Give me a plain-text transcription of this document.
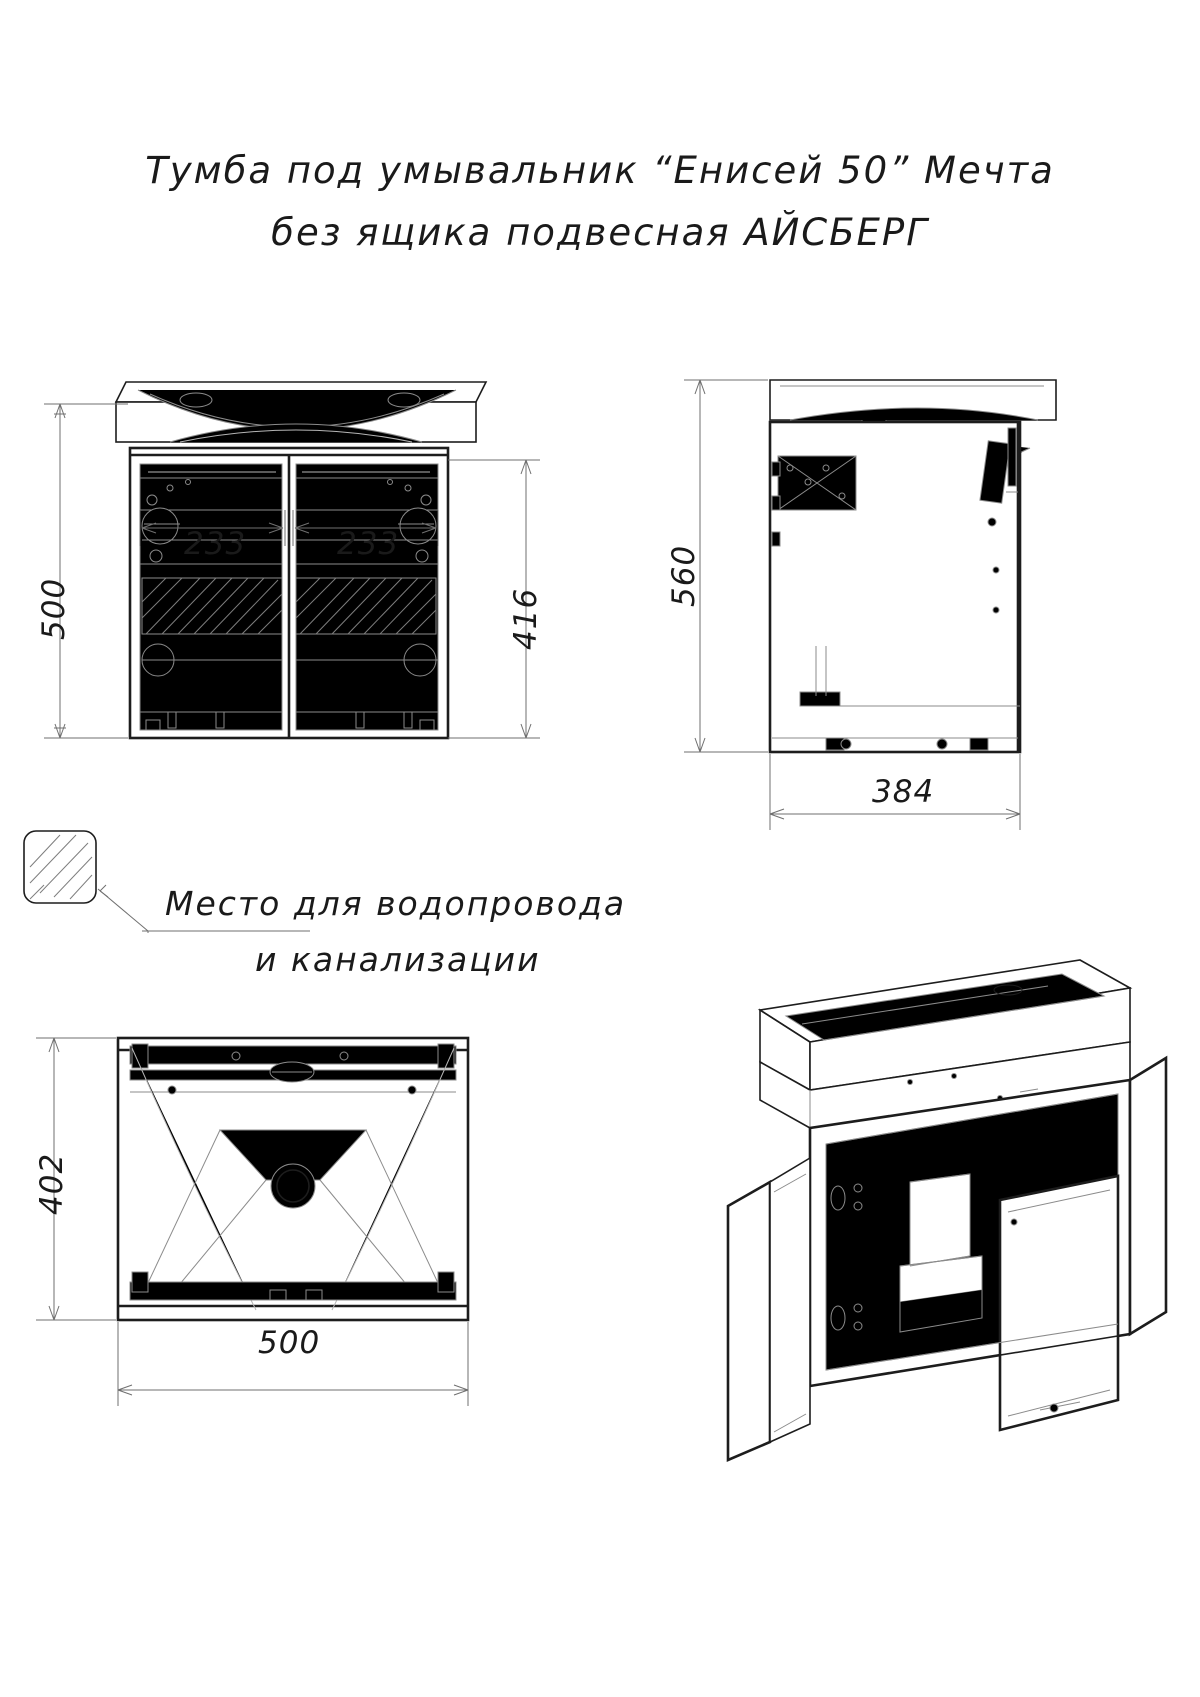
Тумба под умывальник “Енисей 50” Мечта
без ящика подвесная АЙСБЕРГ
500
233	233
416
560
384
Место для водопровода
и канализации
402
500
